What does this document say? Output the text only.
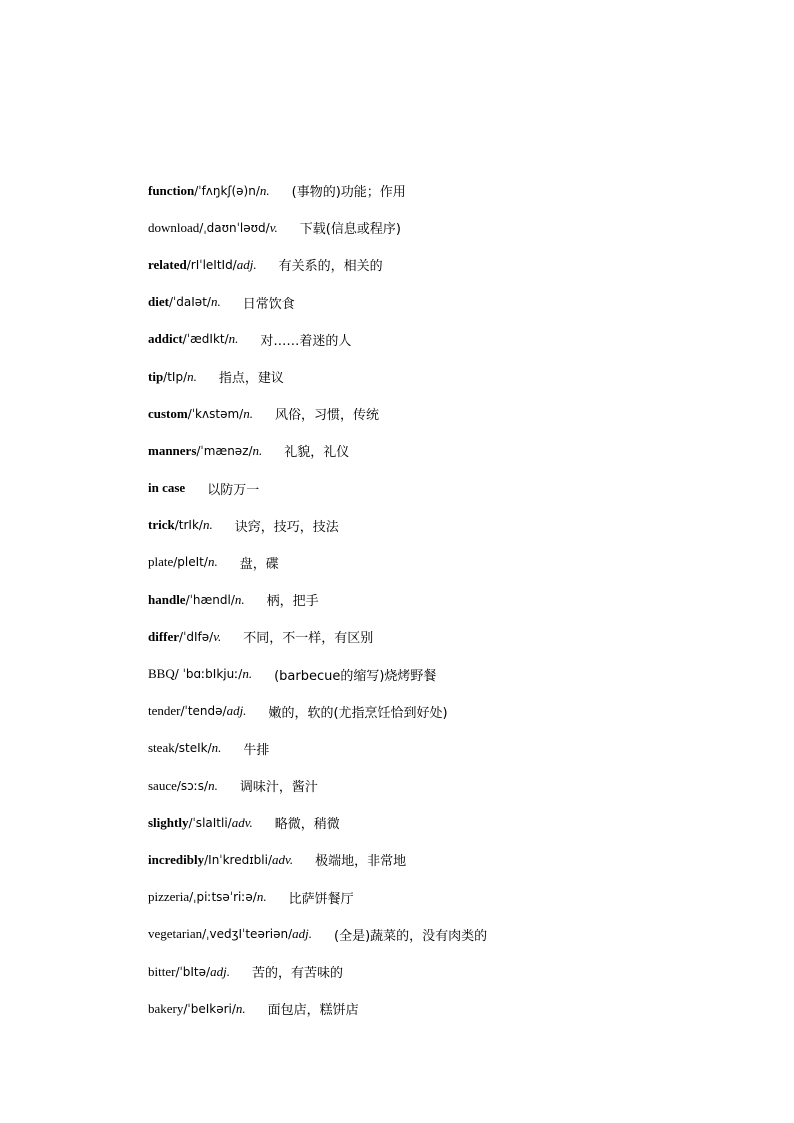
function /ˈfʌŋkʃ(ə)n/ n. (事物的)功能；作用
download /ˌdaʊnˈləʊd/ v. 下载(信息或程序)
related /rIˈleItId/ adj. 有关系的，相关的
diet /ˈdaIət/ n. 日常饮食
addict /ˈædIkt/ n. 对……着迷的人
tip /tIp/ n. 指点，建议
custom /ˈkʌstəm/ n. 风俗，习惯，传统
manners /ˈmænəz/ n. 礼貌，礼仪
in case 以防万一
trick /trIk/ n. 诀窍，技巧，技法
plate /pleIt/ n. 盘，碟
handle /ˈhændl/ n. 柄，把手
differ /ˈdIfə/ v. 不同，不一样，有区别
BBQ / ˈbɑːbIkjuː/ n. (barbecue的缩写)烧烤野餐
tender /ˈtendə/ adj. 嫩的，软的(尤指烹饪恰到好处)
steak /steIk/ n. 牛排
sauce /sɔːs/ n. 调味汁，酱汁
slightly /ˈslaItli/ adv. 略微，稍微
incredibly /Inˈkredɪbli/ adv. 极端地，非常地
pizzeria /ˌpiːtsəˈriːə/ n. 比萨饼餐厅
vegetarian /ˌvedʒIˈteəriən/ adj. (全是)蔬菜的，没有肉类的
bitter /ˈbItə/ adj. 苦的，有苦味的
bakery /ˈbeIkəri/ n. 面包店，糕饼店
